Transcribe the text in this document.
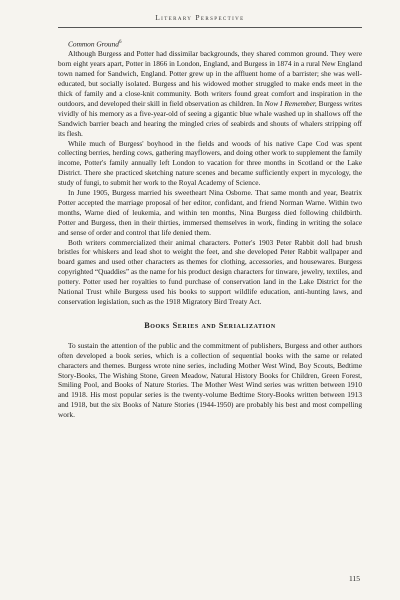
Literary Perspective
Common Ground$^6$

Although Burgess and Potter had dissimilar backgrounds, they shared common ground. They were born eight years apart, Potter in 1866 in London, England, and Burgess in 1874 in a rural New England town named for Sandwich, England. Potter grew up in the affluent home of a barrister; she was well-educated, but socially isolated. Burgess and his widowed mother struggled to make ends meet in the thick of family and a close-knit community. Both writers found great comfort and inspiration in the outdoors, and developed their skill in field observation as children. In Now I Remember, Burgess writes vividly of his memory as a five-year-old of seeing a gigantic blue whale washed up in shallows off the Sandwich barrier beach and hearing the mingled cries of seabirds and shouts of whalers stripping off its flesh.

While much of Burgess' boyhood in the fields and woods of his native Cape Cod was spent collecting berries, herding cows, gathering mayflowers, and doing other work to supplement the family income, Potter's family annually left London to vacation for three months in Scotland or the Lake District. There she practiced sketching nature scenes and became sufficiently expert in mycology, the study of fungi, to submit her work to the Royal Academy of Science.

In June 1905, Burgess married his sweetheart Nina Osborne. That same month and year, Beatrix Potter accepted the marriage proposal of her editor, confidant, and friend Norman Warne. Within two months, Warne died of leukemia, and within ten months, Nina Burgess died following childbirth. Potter and Burgess, then in their thirties, immersed themselves in work, finding in writing the solace and sense of order and control that life denied them.

Both writers commercialized their animal characters. Potter's 1903 Peter Rabbit doll had brush bristles for whiskers and lead shot to weight the feet, and she developed Peter Rabbit wallpaper and board games and used other characters as themes for clothing, accessories, and housewares. Burgess copyrighted “Quaddies” as the name for his product design characters for tinware, jewelry, textiles, and pottery. Potter used her royalties to fund purchase of conservation land in the Lake District for the National Trust while Burgess used his books to support wildlife education, anti-hunting laws, and conservation legislation, such as the 1918 Migratory Bird Treaty Act.

Books Series and Serialization

To sustain the attention of the public and the commitment of publishers, Burgess and other authors often developed a book series, which is a collection of sequential books with the same or related characters and themes. Burgess wrote nine series, including Mother West Wind, Boy Scouts, Bedtime Story-Books, The Wishing Stone, Green Meadow, Natural History Books for Children, Green Forest, Smiling Pool, and Books of Nature Stories. The Mother West Wind series was written between 1910 and 1918. His most popular series is the twenty-volume Bedtime Story-Books written between 1913 and 1918, but the six Books of Nature Stories (1944-1950) are probably his best and most compelling work.

115
